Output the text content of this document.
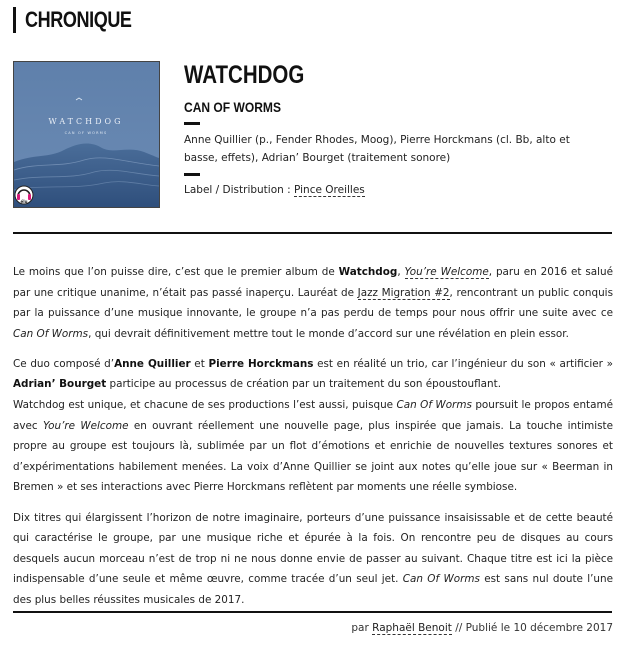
CHRONIQUE
WATCHDOG
CAN OF WORMS
élu
WATCHDOG
CAN OF WORMS
Anne Quillier (p., Fender Rhodes, Moog), Pierre Horckmans (cl. Bb, alto et basse, effets), Adrian’ Bourget (traitement sonore)
Label / Distribution : Pince Oreilles

Le moins que l’on puisse dire, c’est que le premier album de Watchdog, You’re Welcome, paru en 2016 et salué par une critique unanime, n’était pas passé inaperçu. Lauréat de Jazz Migration #2, rencontrant un public conquis par la puissance d’une musique innovante, le groupe n’a pas perdu de temps pour nous offrir une suite avec ce Can Of Worms, qui devrait définitivement mettre tout le monde d’accord sur une révélation en plein essor.

Ce duo composé d’Anne Quillier et Pierre Horckmans est en réalité un trio, car l’ingénieur du son « artificier » Adrian’ Bourget participe au processus de création par un traitement du son époustouflant.

Watchdog est unique, et chacune de ses productions l’est aussi, puisque Can Of Worms poursuit le propos entamé avec You’re Welcome en ouvrant réellement une nouvelle page, plus inspirée que jamais. La touche intimiste propre au groupe est toujours là, sublimée par un flot d’émotions et enrichie de nouvelles textures sonores et d’expérimentations habilement menées. La voix d’Anne Quillier se joint aux notes qu’elle joue sur « Beerman in Bremen » et ses interactions avec Pierre Horckmans reflètent par moments une réelle symbiose.

Dix titres qui élargissent l’horizon de notre imaginaire, porteurs d’une puissance insaisissable et de cette beauté qui caractérise le groupe, par une musique riche et épurée à la fois. On rencontre peu de disques au cours desquels aucun morceau n’est de trop ni ne nous donne envie de passer au suivant. Chaque titre est ici la pièce indispensable d’une seule et même œuvre, comme tracée d’un seul jet. Can Of Worms est sans nul doute l’une des plus belles réussites musicales de 2017.

par Raphaël Benoit // Publié le 10 décembre 2017
